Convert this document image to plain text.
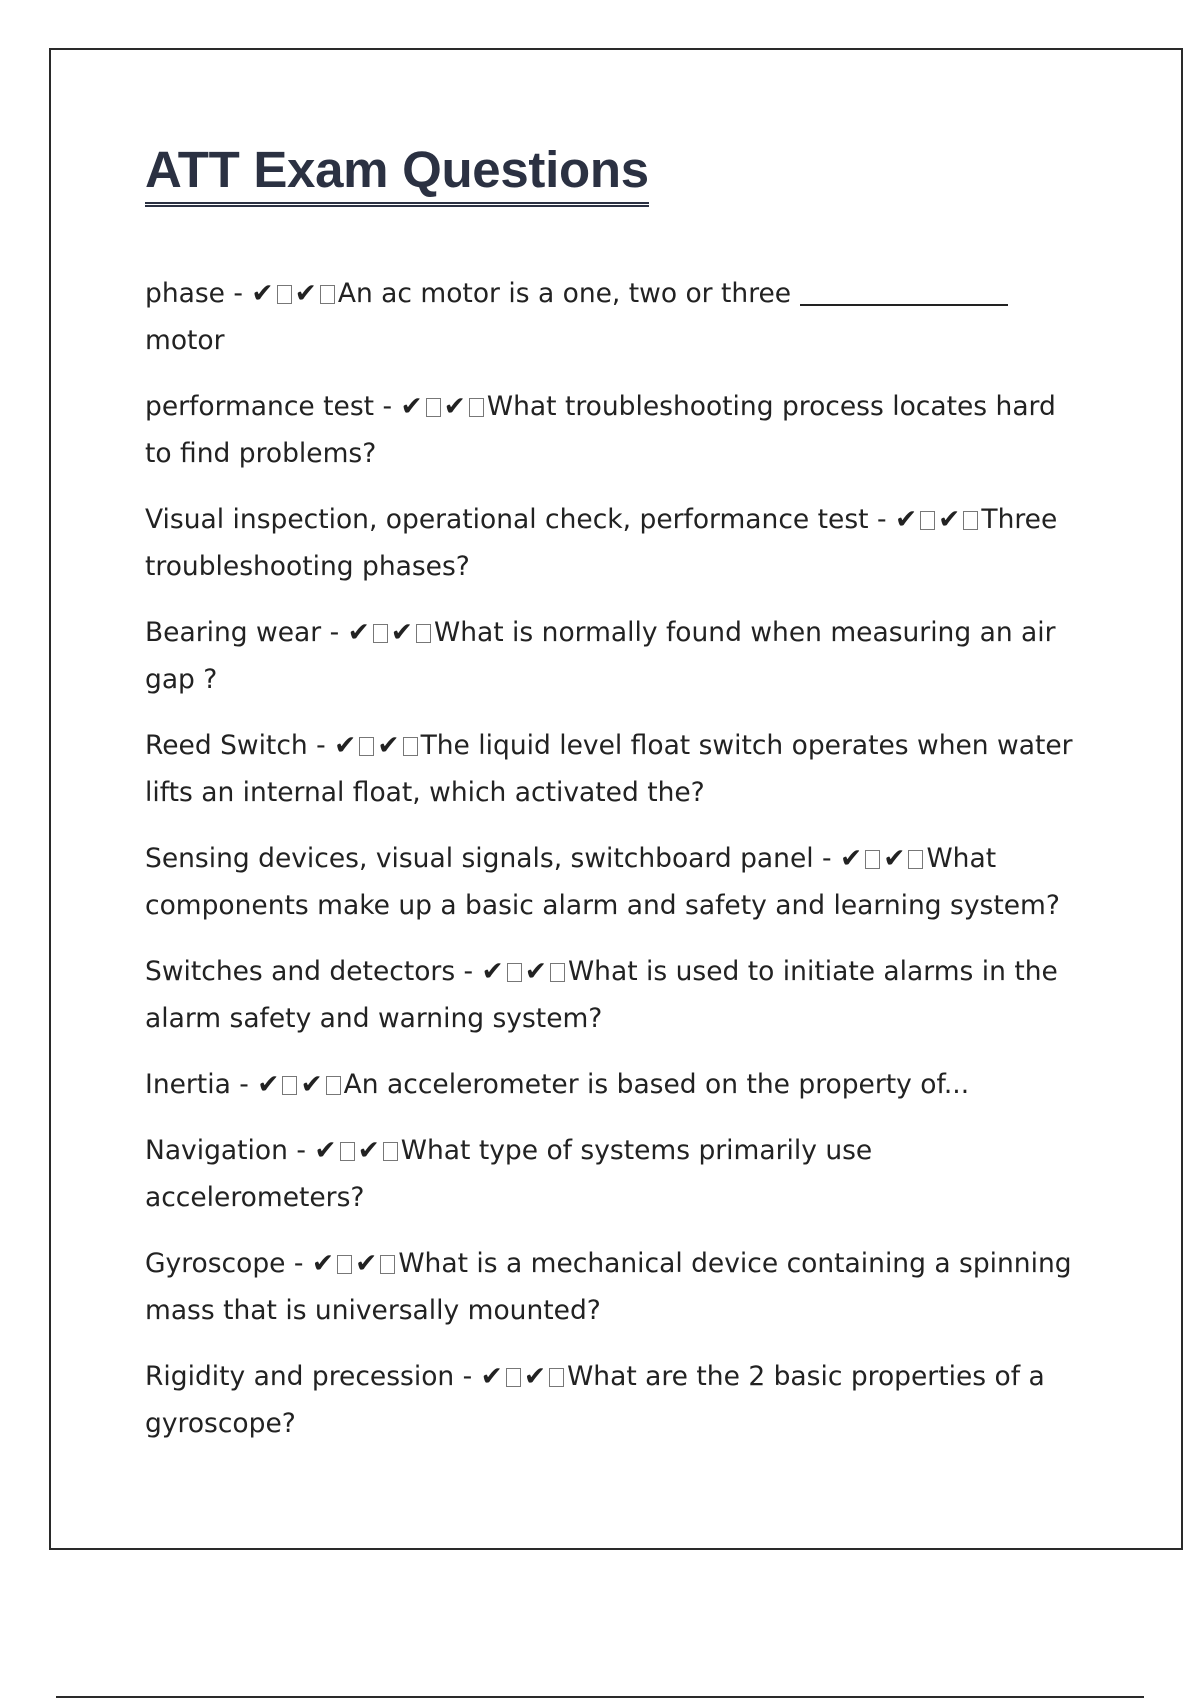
ATT Exam Questions
phase - ✔ ✔ An ac motor is a one, two or three  motor
performance test - ✔ ✔ What troubleshooting process locates hard to find problems?
Visual inspection, operational check, performance test - ✔ ✔ Three troubleshooting phases?
Bearing wear - ✔ ✔ What is normally found when measuring an air gap ?
Reed Switch - ✔ ✔ The liquid level float switch operates when water lifts an internal float, which activated the?
Sensing devices, visual signals, switchboard panel - ✔ ✔ What components make up a basic alarm and safety and learning system?
Switches and detectors - ✔ ✔ What is used to initiate alarms in the alarm safety and warning system?
Inertia - ✔ ✔ An accelerometer is based on the property of...
Navigation - ✔ ✔ What type of systems primarily use accelerometers?
Gyroscope - ✔ ✔ What is a mechanical device containing a spinning mass that is universally mounted?
Rigidity and precession - ✔ ✔ What are the 2 basic properties of a gyroscope?
